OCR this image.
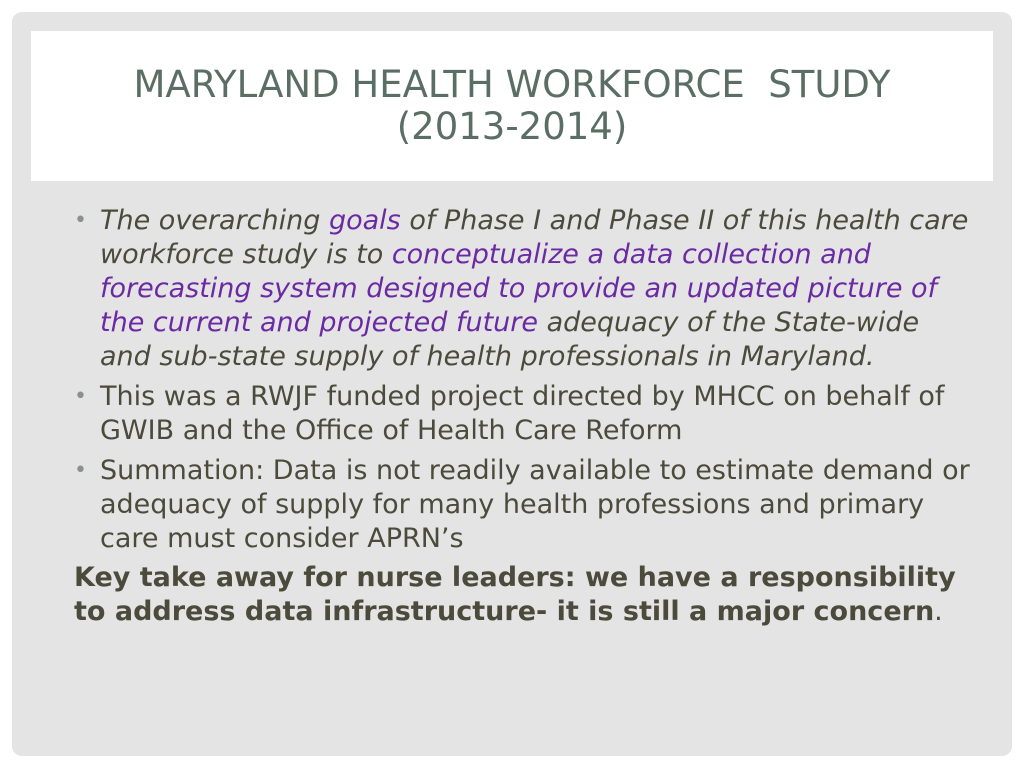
MARYLAND HEALTH WORKFORCE  STUDY
(2013-2014)
• The overarching goals of Phase I and Phase II of this health care workforce study is to conceptualize a data collection and forecasting system designed to provide an updated picture of the current and projected future adequacy of the State-wide and sub-state supply of health professionals in Maryland.
• This was a RWJF funded project directed by MHCC on behalf of GWIB and the Office of Health Care Reform
• Summation: Data is not readily available to estimate demand or adequacy of supply for many health professions and primary care must consider APRN’s
Key take away for nurse leaders: we have a responsibility to address data infrastructure- it is still a major concern.
